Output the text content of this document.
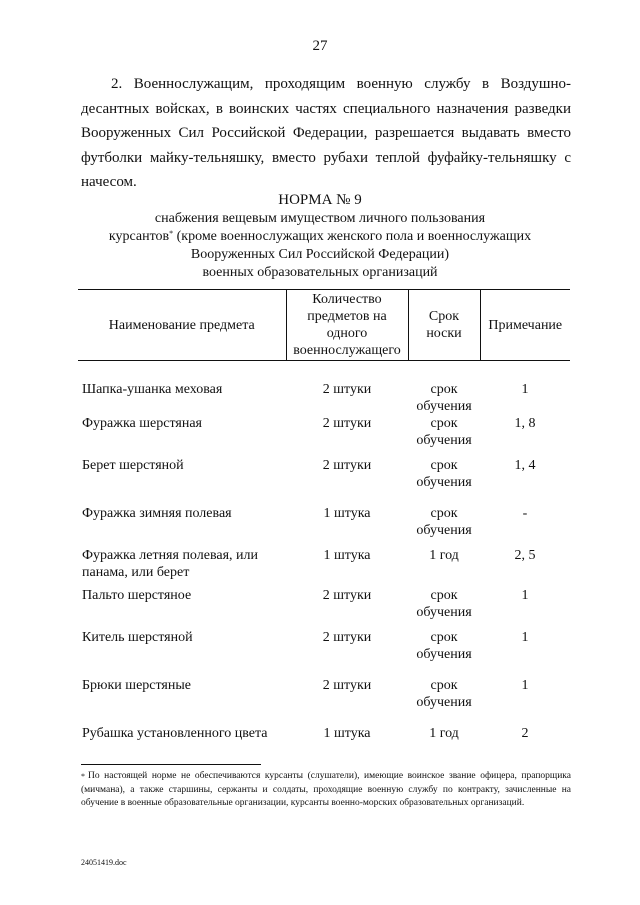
27

2. Военнослужащим, проходящим военную службу в Воздушно-десантных войсках, в воинских частях специального назначения разведки Вооруженных Сил Российской Федерации, разрешается выдавать вместо футболки майку-тельняшку, вместо рубахи теплой фуфайку-тельняшку с начесом.

НОРМА № 9
снабжения вещевым имуществом личного пользования
курсантов* (кроме военнослужащих женского пола и военнослужащих
Вооруженных Сил Российской Федерации)
военных образовательных организаций
Наименование предмета	Количество предметов на одного военнослужащего	Срок носки	Примечание
Шапка-ушанка меховая	2 штуки	срок обучения	1
Фуражка шерстяная	2 штуки	срок обучения	1, 8
Берет шерстяной	2 штуки	срок обучения	1, 4
Фуражка зимняя полевая	1 штука	срок обучения	-
Фуражка летняя полевая, или панама, или берет	1 штука	1 год	2, 5
Пальто шерстяное	2 штуки	срок обучения	1
Китель шерстяной	2 штуки	срок обучения	1
Брюки шерстяные	2 штуки	срок обучения	1
Рубашка установленного цвета	1 штука	1 год	2
* По настоящей норме не обеспечиваются курсанты (слушатели), имеющие воинское звание офицера, прапорщика (мичмана), а также старшины, сержанты и солдаты, проходящие военную службу по контракту, зачисленные на обучение в военные образовательные организации, курсанты военно-морских образовательных организаций.
24051419.doc
